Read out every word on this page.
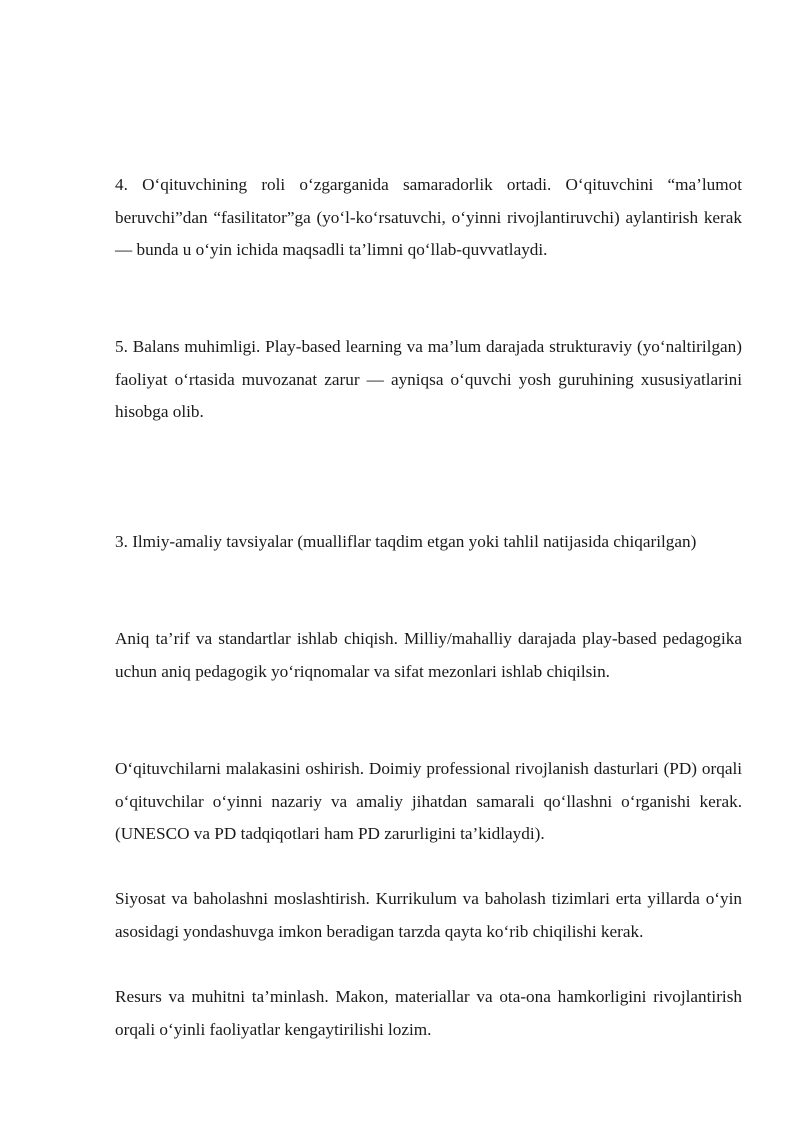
4. O‘qituvchining roli o‘zgarganida samaradorlik ortadi. O‘qituvchini “ma’lumot beruvchi”dan “fasilitator”ga (yo‘l-ko‘rsatuvchi, o‘yinni rivojlantiruvchi) aylantirish kerak — bunda u o‘yin ichida maqsadli ta’limni qo‘llab-quvvatlaydi.

5. Balans muhimligi. Play-based learning va ma’lum darajada strukturaviy (yo‘naltirilgan) faoliyat o‘rtasida muvozanat zarur — ayniqsa o‘quvchi yosh guruhining xususiyatlarini hisobga olib.

3. Ilmiy-amaliy tavsiyalar (mualliflar taqdim etgan yoki tahlil natijasida chiqarilgan)

Aniq ta’rif va standartlar ishlab chiqish. Milliy/mahalliy darajada play-based pedagogika uchun aniq pedagogik yo‘riqnomalar va sifat mezonlari ishlab chiqilsin.

O‘qituvchilarni malakasini oshirish. Doimiy professional rivojlanish dasturlari (PD) orqali o‘qituvchilar o‘yinni nazariy va amaliy jihatdan samarali qo‘llashni o‘rganishi kerak. (UNESCO va PD tadqiqotlari ham PD zarurligini ta’kidlaydi).

Siyosat va baholashni moslashtirish. Kurrikulum va baholash tizimlari erta yillarda o‘yin asosidagi yondashuvga imkon beradigan tarzda qayta ko‘rib chiqilishi kerak.

Resurs va muhitni ta’minlash. Makon, materiallar va ota-ona hamkorligini rivojlantirish orqali o‘yinli faoliyatlar kengaytirilishi lozim.
